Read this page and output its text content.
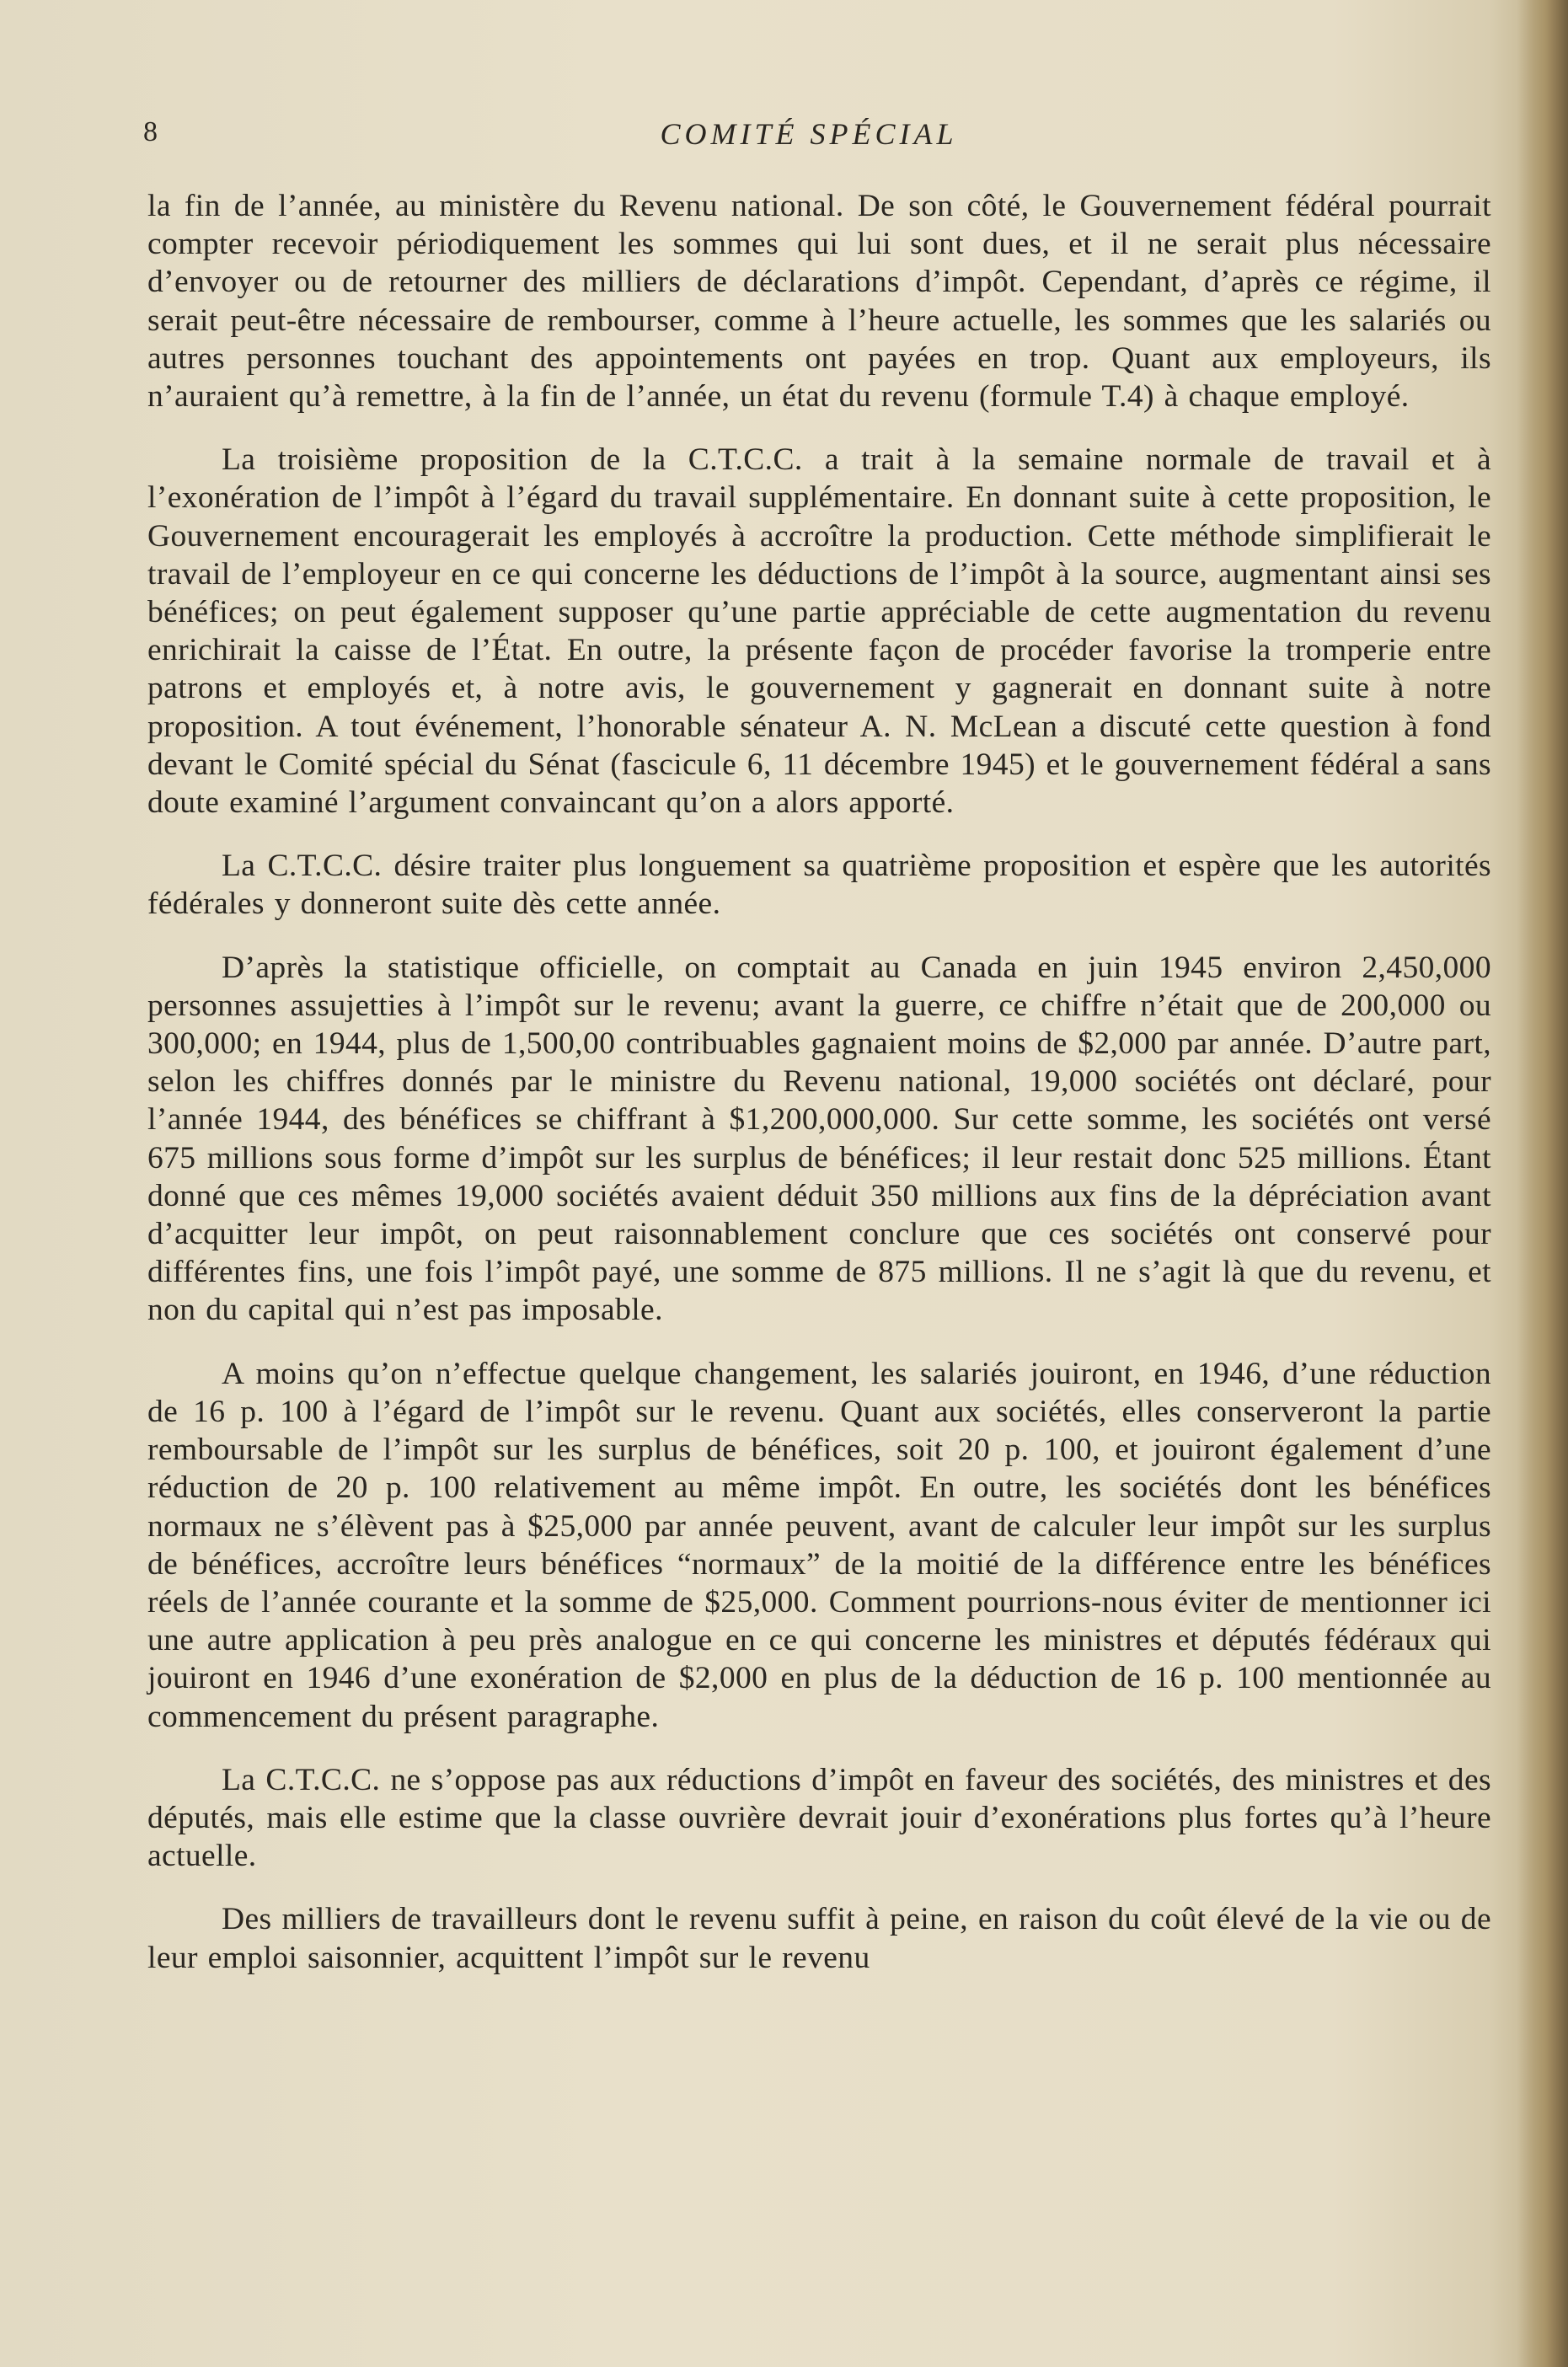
8	COMITÉ SPÉCIAL

la fin de l’année, au ministère du Revenu national. De son côté, le Gouvernement fédéral pourrait compter recevoir périodiquement les sommes qui lui sont dues, et il ne serait plus nécessaire d’envoyer ou de retourner des milliers de déclarations d’impôt. Cependant, d’après ce régime, il serait peut-être nécessaire de rembourser, comme à l’heure actuelle, les sommes que les salariés ou autres personnes touchant des appointements ont payées en trop. Quant aux employeurs, ils n’auraient qu’à remettre, à la fin de l’année, un état du revenu (formule T.4) à chaque employé.

La troisième proposition de la C.T.C.C. a trait à la semaine normale de travail et à l’exonération de l’impôt à l’égard du travail supplémentaire. En donnant suite à cette proposition, le Gouvernement encouragerait les employés à accroître la production. Cette méthode simplifierait le travail de l’employeur en ce qui concerne les déductions de l’impôt à la source, augmentant ainsi ses bénéfices; on peut également supposer qu’une partie appréciable de cette augmentation du revenu enrichirait la caisse de l’État. En outre, la présente façon de procéder favorise la tromperie entre patrons et employés et, à notre avis, le gouvernement y gagnerait en donnant suite à notre proposition. A tout événement, l’honorable sénateur A. N. McLean a discuté cette question à fond devant le Comité spécial du Sénat (fascicule 6, 11 décembre 1945) et le gouvernement fédéral a sans doute examiné l’argument convaincant qu’on a alors apporté.

La C.T.C.C. désire traiter plus longuement sa quatrième proposition et espère que les autorités fédérales y donneront suite dès cette année.

D’après la statistique officielle, on comptait au Canada en juin 1945 environ 2,450,000 personnes assujetties à l’impôt sur le revenu; avant la guerre, ce chiffre n’était que de 200,000 ou 300,000; en 1944, plus de 1,500,00 contribuables gagnaient moins de $2,000 par année. D’autre part, selon les chiffres donnés par le ministre du Revenu national, 19,000 sociétés ont déclaré, pour l’année 1944, des bénéfices se chiffrant à $1,200,000,000. Sur cette somme, les sociétés ont versé 675 millions sous forme d’impôt sur les surplus de bénéfices; il leur restait donc 525 millions. Étant donné que ces mêmes 19,000 sociétés avaient déduit 350 millions aux fins de la dépréciation avant d’acquitter leur impôt, on peut raisonnablement conclure que ces sociétés ont conservé pour différentes fins, une fois l’impôt payé, une somme de 875 millions. Il ne s’agit là que du revenu, et non du capital qui n’est pas imposable.

A moins qu’on n’effectue quelque changement, les salariés jouiront, en 1946, d’une réduction de 16 p. 100 à l’égard de l’impôt sur le revenu. Quant aux sociétés, elles conserveront la partie remboursable de l’impôt sur les surplus de bénéfices, soit 20 p. 100, et jouiront également d’une réduction de 20 p. 100 relativement au même impôt. En outre, les sociétés dont les bénéfices normaux ne s’élèvent pas à $25,000 par année peuvent, avant de calculer leur impôt sur les surplus de bénéfices, accroître leurs bénéfices “normaux” de la moitié de la différence entre les bénéfices réels de l’année courante et la somme de $25,000. Comment pourrions-nous éviter de mentionner ici une autre application à peu près analogue en ce qui concerne les ministres et députés fédéraux qui jouiront en 1946 d’une exonération de $2,000 en plus de la déduction de 16 p. 100 mentionnée au commencement du présent paragraphe.

La C.T.C.C. ne s’oppose pas aux réductions d’impôt en faveur des sociétés, des ministres et des députés, mais elle estime que la classe ouvrière devrait jouir d’exonérations plus fortes qu’à l’heure actuelle.

Des milliers de travailleurs dont le revenu suffit à peine, en raison du coût élevé de la vie ou de leur emploi saisonnier, acquittent l’impôt sur le revenu
